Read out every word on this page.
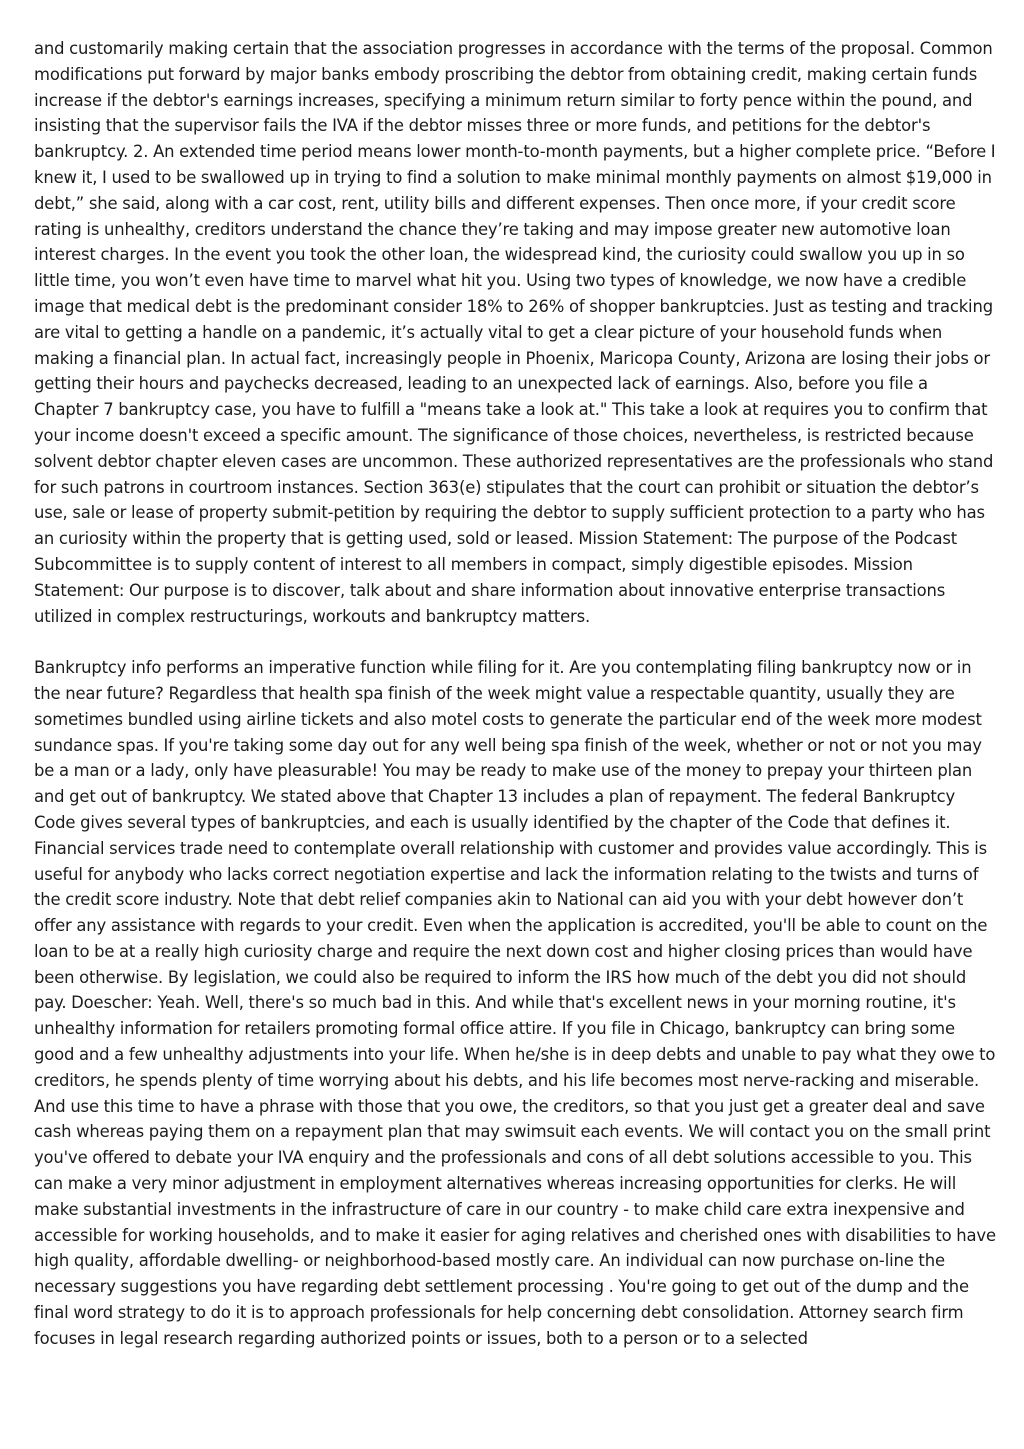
and customarily making certain that the association progresses in accordance with the terms of the proposal. Common modifications put forward by major banks embody proscribing the debtor from obtaining credit, making certain funds increase if the debtor's earnings increases, specifying a minimum return similar to forty pence within the pound, and insisting that the supervisor fails the IVA if the debtor misses three or more funds, and petitions for the debtor's bankruptcy. 2. An extended time period means lower month-to-month payments, but a higher complete price. “Before I knew it, I used to be swallowed up in trying to find a solution to make minimal monthly payments on almost $19,000 in debt,” she said, along with a car cost, rent, utility bills and different expenses. Then once more, if your credit score rating is unhealthy, creditors understand the chance they’re taking and may impose greater new automotive loan interest charges. In the event you took the other loan, the widespread kind, the curiosity could swallow you up in so little time, you won’t even have time to marvel what hit you. Using two types of knowledge, we now have a credible image that medical debt is the predominant consider 18% to 26% of shopper bankruptcies. Just as testing and tracking are vital to getting a handle on a pandemic, it’s actually vital to get a clear picture of your household funds when making a financial plan. In actual fact, increasingly people in Phoenix, Maricopa County, Arizona are losing their jobs or getting their hours and paychecks decreased, leading to an unexpected lack of earnings. Also, before you file a Chapter 7 bankruptcy case, you have to fulfill a "means take a look at." This take a look at requires you to confirm that your income doesn't exceed a specific amount. The significance of those choices, nevertheless, is restricted because solvent debtor chapter eleven cases are uncommon. These authorized representatives are the professionals who stand for such patrons in courtroom instances. Section 363(e) stipulates that the court can prohibit or situation the debtor’s use, sale or lease of property submit-petition by requiring the debtor to supply sufficient protection to a party who has an curiosity within the property that is getting used, sold or leased. Mission Statement: The purpose of the Podcast Subcommittee is to supply content of interest to all members in compact, simply digestible episodes. Mission Statement: Our purpose is to discover, talk about and share information about innovative enterprise transactions utilized in complex restructurings, workouts and bankruptcy matters.

Bankruptcy info performs an imperative function while filing for it. Are you contemplating filing bankruptcy now or in the near future? Regardless that health spa finish of the week might value a respectable quantity, usually they are sometimes bundled using airline tickets and also motel costs to generate the particular end of the week more modest sundance spas. If you're taking some day out for any well being spa finish of the week, whether or not or not you may be a man or a lady, only have pleasurable! You may be ready to make use of the money to prepay your thirteen plan and get out of bankruptcy. We stated above that Chapter 13 includes a plan of repayment. The federal Bankruptcy Code gives several types of bankruptcies, and each is usually identified by the chapter of the Code that defines it. Financial services trade need to contemplate overall relationship with customer and provides value accordingly. This is useful for anybody who lacks correct negotiation expertise and lack the information relating to the twists and turns of the credit score industry. Note that debt relief companies akin to National can aid you with your debt however don’t offer any assistance with regards to your credit. Even when the application is accredited, you'll be able to count on the loan to be at a really high curiosity charge and require the next down cost and higher closing prices than would have been otherwise. By legislation, we could also be required to inform the IRS how much of the debt you did not should pay. Doescher: Yeah. Well, there's so much bad in this. And while that's excellent news in your morning routine, it's unhealthy information for retailers promoting formal office attire. If you file in Chicago, bankruptcy can bring some good and a few unhealthy adjustments into your life. When he/she is in deep debts and unable to pay what they owe to creditors, he spends plenty of time worrying about his debts, and his life becomes most nerve-racking and miserable. And use this time to have a phrase with those that you owe, the creditors, so that you just get a greater deal and save cash whereas paying them on a repayment plan that may swimsuit each events. We will contact you on the small print you've offered to debate your IVA enquiry and the professionals and cons of all debt solutions accessible to you. This can make a very minor adjustment in employment alternatives whereas increasing opportunities for clerks. He will make substantial investments in the infrastructure of care in our country - to make child care extra inexpensive and accessible for working households, and to make it easier for aging relatives and cherished ones with disabilities to have high quality, affordable dwelling- or neighborhood-based mostly care. An individual can now purchase on-line the necessary suggestions you have regarding debt settlement processing . You're going to get out of the dump and the final word strategy to do it is to approach professionals for help concerning debt consolidation. Attorney search firm focuses in legal research regarding authorized points or issues, both to a person or to a selected
